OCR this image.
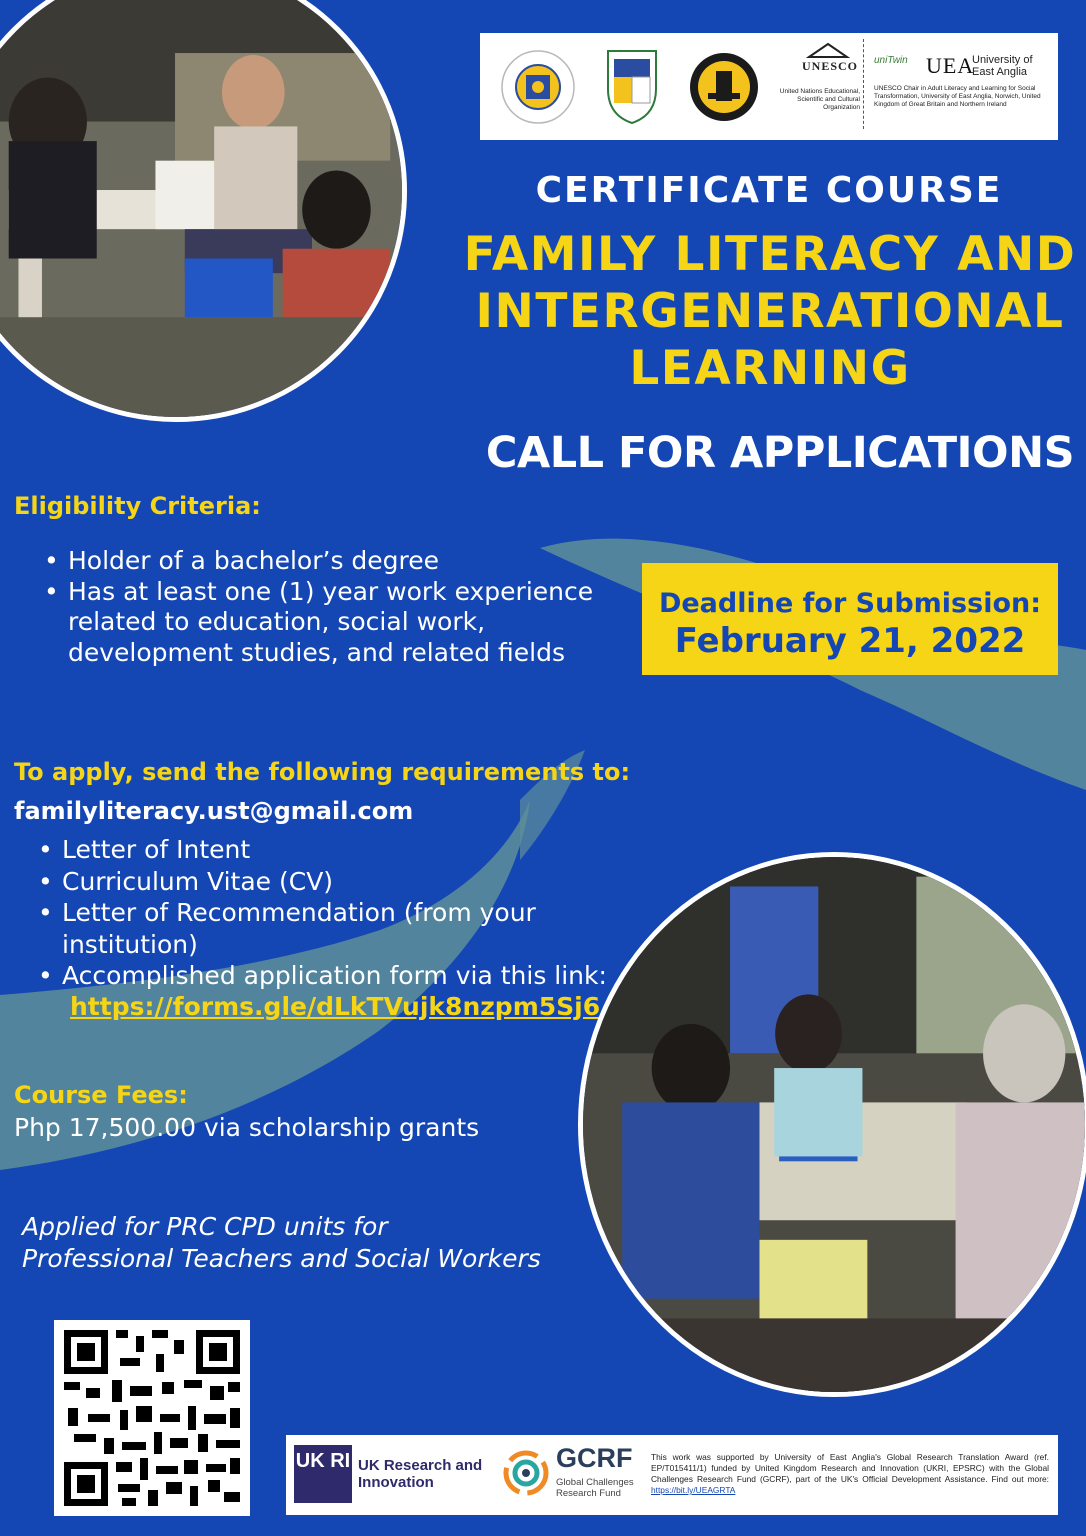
UNESCO
United Nations Educational, Scientific and Cultural Organization
uniTwin UEA
University of East Anglia
UNESCO Chair in Adult Literacy and Learning for Social Transformation, University of East Anglia, Norwich, United Kingdom of Great Britain and Northern Ireland
CERTIFICATE COURSE
FAMILY LITERACY AND
INTERGENERATIONAL
LEARNING
CALL FOR APPLICATIONS
Eligibility Criteria:
• Holder of a bachelor’s degree
• Has at least one (1) year work experience related to education, social work, development studies, and related fields
Deadline for Submission:
February 21, 2022
To apply, send the following requirements to:
familyliteracy.ust@gmail.com
• Letter of Intent
• Curriculum Vitae (CV)
• Letter of Recommendation (from your institution)
• Accomplished application form via this link:
https://forms.gle/dLkTVujk8nzpm5Sj6
Course Fees:
Php 17,500.00 via scholarship grants
Applied for PRC CPD units for
Professional Teachers and Social Workers
UK RI UK Research and Innovation
GCRF
Global Challenges Research Fund
This work was supported by University of East Anglia's Global Research Translation Award (ref. EP/T015411/1) funded by United Kingdom Research and Innovation (UKRI, EPSRC) with the Global Challenges Research Fund (GCRF), part of the UK's Official Development Assistance. Find out more: https://bit.ly/UEAGRTA
